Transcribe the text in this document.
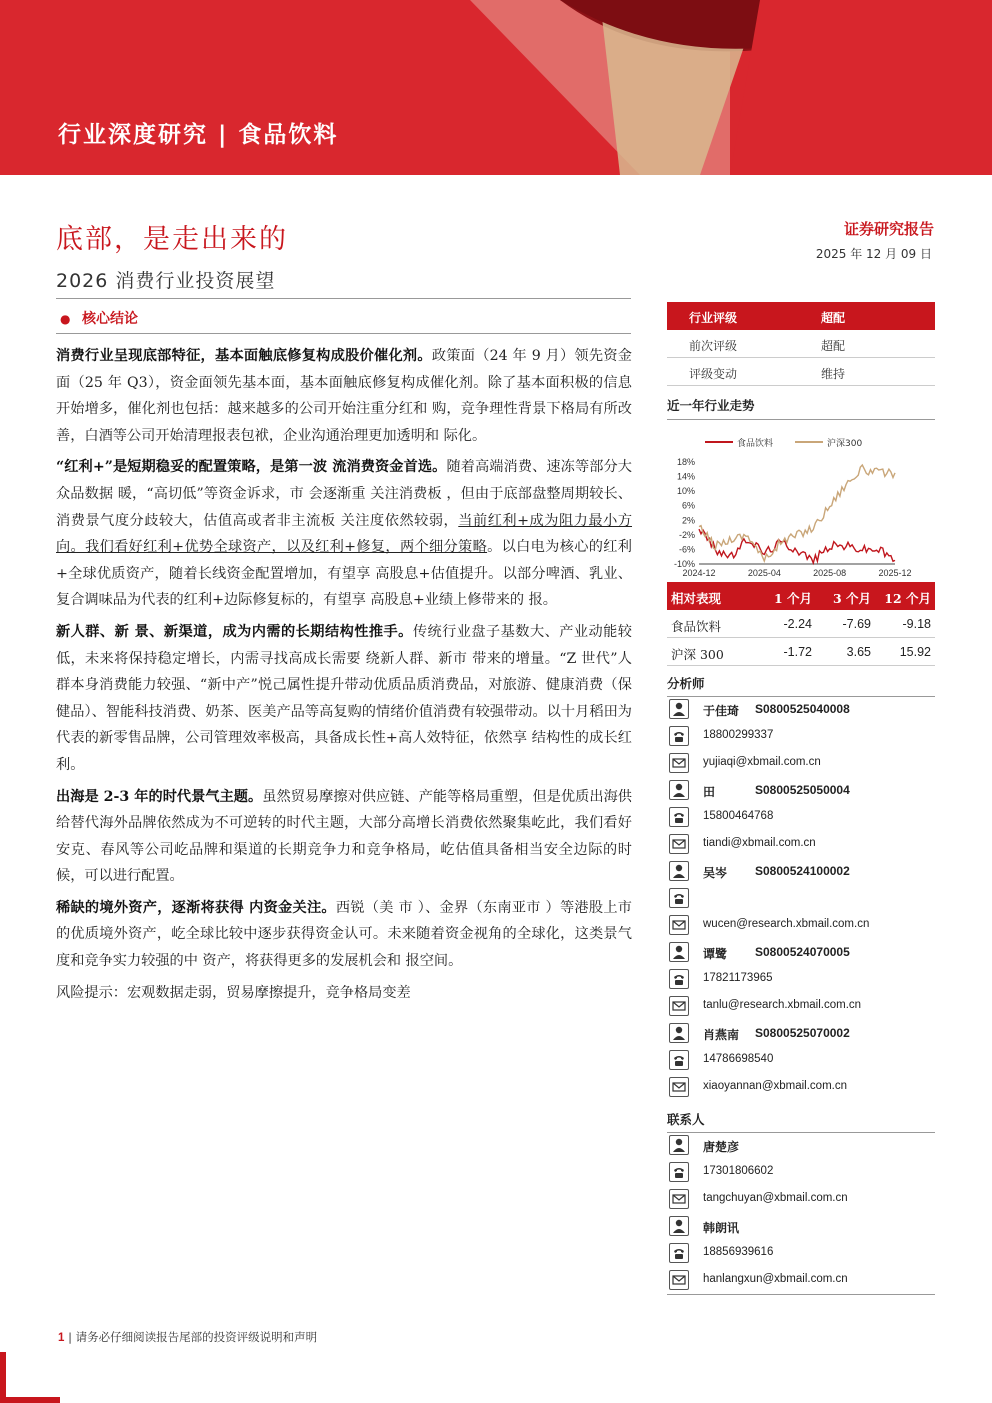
行业深度研究 | 食品饮料
底部，是走出来的
2026 消费行业投资展望
证券研究报告
2025 年 12 月 09 日
● 核心结论

消费行业呈现底部特征，基本面触底修复构成股价催化剂。政策面（24 年 9 月）领先资金面（25 年 Q3），资金面领先基本面，基本面触底修复构成催化剂。除了基本面积极的信息开始增多，催化剂也包括：越来越多的公司开始注重分红和 购，竞争理性背景下格局有所改善，白酒等公司开始清理报表包袱，企业沟通治理更加透明和 际化。

“红利+”是短期稳妥的配置策略，是第一波 流消费资金首选。随着高端消费、速冻等部分大众品数据 暖，“高切低”等资金诉求，市 会逐渐重 关注消费板 ，但由于底部盘整周期较长、消费景气度分歧较大，估值高或者非主流板 关注度依然较弱，当前红利+成为阻力最小方向。我们看好红利+优势全球资产，以及红利+修复，两个细分策略。以白电为核心的红利+全球优质资产，随着长线资金配置增加，有望享 高股息+估值提升。以部分啤酒、乳业、复合调味品为代表的红利+边际修复标的，有望享 高股息+业绩上修带来的 报。

新人群、新 景、新渠道，成为内需的长期结构性推手。传统行业盘子基数大、产业动能较低，未来将保持稳定增长，内需寻找高成长需要 绕新人群、新市 带来的增量。“Z 世代”人群本身消费能力较强、“新中产”悦己属性提升带动优质品质消费品，对旅游、健康消费（保健品）、智能科技消费、奶茶、医美产品等高复购的情绪价值消费有较强带动。以十月稻田为代表的新零售品牌，公司管理效率极高，具备成长性+高人效特征，依然享 结构性的成长红利。

出海是 2-3 年的时代景气主题。虽然贸易摩擦对供应链、产能等格局重塑，但是优质出海供给替代海外品牌依然成为不可逆转的时代主题，大部分高增长消费依然聚集屹此，我们看好安克、春风等公司屹品牌和渠道的长期竞争力和竞争格局，屹估值具备相当安全边际的时候，可以进行配置。

稀缺的境外资产，逐渐将获得 内资金关注。西锐（美 市 ）、金界（东南亚市 ）等港股上市的优质境外资产，屹全球比较中逐步获得资金认可。未来随着资金视角的全球化，这类景气度和竞争实力较强的中 资产，将获得更多的发展机会和 报空间。

风险提示：宏观数据走弱，贸易摩擦提升，竞争格局变差

行业评级	超配
前次评级	超配
评级变动	维持
近一年行业走势
食品饮料	沪深300
18%
14%
10%
6%
2%
-2%
-6%
-10%
2024-12	2025-04	2025-08	2025-12
相对表现	1 个月 3 个月 12 个月
食品饮料	-2.24 -7.69	-9.18
沪深 300	-1.72	3.65 15.92
分析师
于佳琦 S0800525040008
18800299337
yujiaqi@xbmail.com.cn
田	S0800525050004
15800464768
tiandi@xbmail.com.cn
吴岑 S0800524100002
wucen@research.xbmail.com.cn
谭鹭 S0800524070005
17821173965
tanlu@research.xbmail.com.cn
肖燕南 S0800525070002
14786698540
xiaoyannan@xbmail.com.cn
联系人
唐楚彦
17301806602
tangchuyan@xbmail.com.cn
韩朗讯
18856939616
hanlangxun@xbmail.com.cn
1 | 请务必仔细阅读报告尾部的投资评级说明和声明
